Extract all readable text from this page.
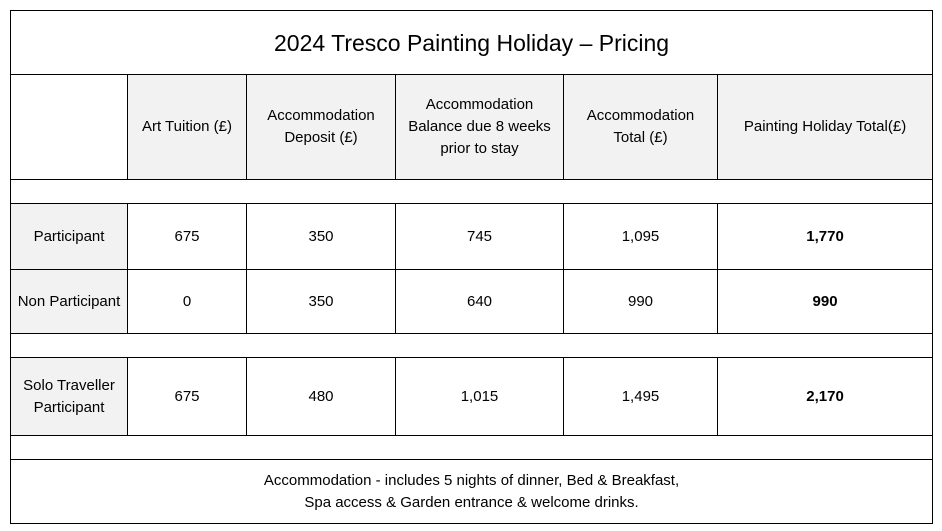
2024 Tresco Painting Holiday – Pricing					
	Art Tuition (£)	Accommodation Deposit (£)	Accommodation Balance due 8 weeks prior to stay	Accommodation Total (£)	Painting Holiday Total(£)

Participant	675	350	745	1,095	1,770
Non Participant	0	350	640	990	990

Solo Traveller Participant	675	480	1,015	1,495	2,170

Accommodation - includes 5 nights of dinner, Bed & Breakfast,
Spa access & Garden entrance & welcome drinks.					
